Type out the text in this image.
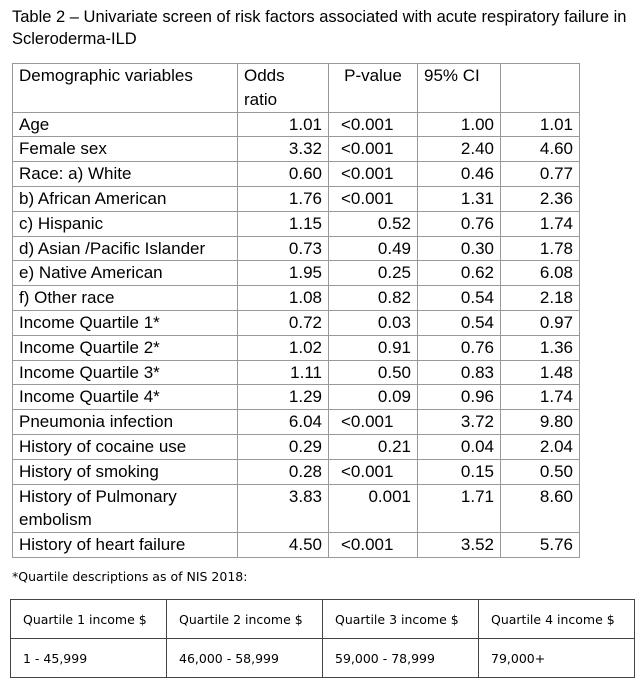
Table 2 – Univariate screen of risk factors associated with acute respiratory failure in Scleroderma-ILD
Demographic variables	Odds ratio	P-value	95% CI	
Age	1.01	<0.001	1.00	1.01
Female sex	3.32	<0.001	2.40	4.60
Race: a) White	0.60	<0.001	0.46	0.77
b) African American	1.76	<0.001	1.31	2.36
c) Hispanic	1.15	0.52	0.76	1.74
d) Asian /Pacific Islander	0.73	0.49	0.30	1.78
e) Native American	1.95	0.25	0.62	6.08
f) Other race	1.08	0.82	0.54	2.18
Income Quartile 1*	0.72	0.03	0.54	0.97
Income Quartile 2*	1.02	0.91	0.76	1.36
Income Quartile 3*	1.11	0.50	0.83	1.48
Income Quartile 4*	1.29	0.09	0.96	1.74
Pneumonia infection	6.04	<0.001	3.72	9.80
History of cocaine use	0.29	0.21	0.04	2.04
History of smoking	0.28	<0.001	0.15	0.50
History of Pulmonary embolism	3.83	0.001	1.71	8.60
History of heart failure	4.50	<0.001	3.52	5.76
*Quartile descriptions as of NIS 2018:
Quartile 1 income $	Quartile 2 income $	Quartile 3 income $	Quartile 4 income $
1 - 45,999	46,000 - 58,999	59,000 - 78,999	79,000+
